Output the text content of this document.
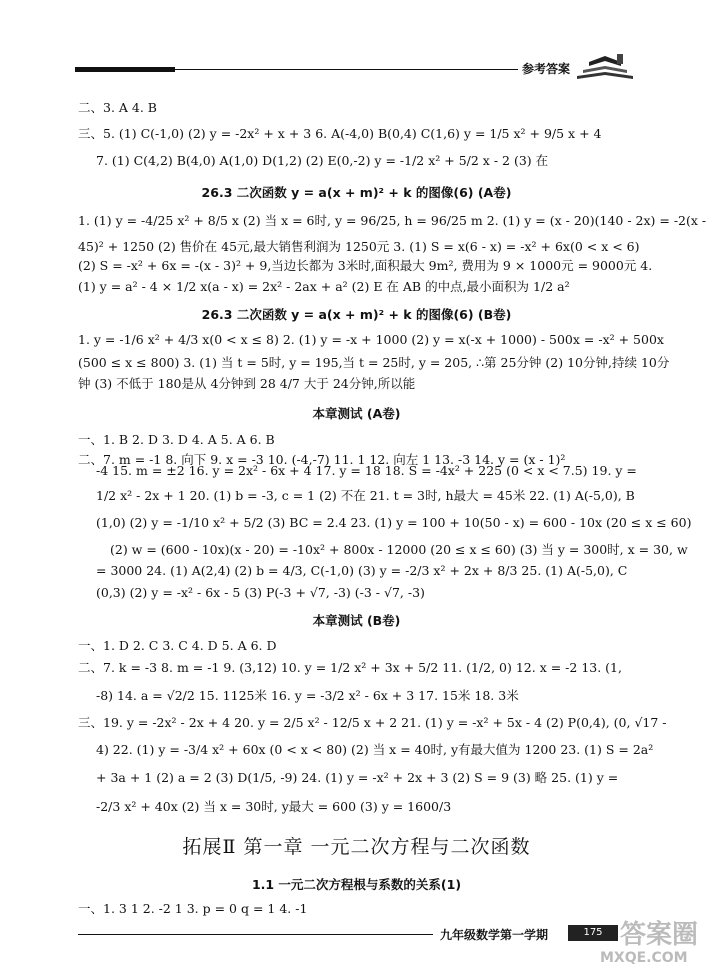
参考答案
二、3. A 4. B
三、5. (1) C(-1,0) (2) y = -2x² + x + 3 6. A(-4,0) B(0,4) C(1,6) y = 1/5 x² + 9/5 x + 4
7. (1) C(4,2) B(4,0) A(1,0) D(1,2) (2) E(0,-2) y = -1/2 x² + 5/2 x - 2 (3) 在
26.3 二次函数 y = a(x + m)² + k 的图像(6) (A卷)
1. (1) y = -4/25 x² + 8/5 x (2) 当 x = 6时, y = 96/25, h = 96/25 m 2. (1) y = (x - 20)(140 - 2x) = -2(x -
45)² + 1250 (2) 售价在 45元,最大销售利润为 1250元 3. (1) S = x(6 - x) = -x² + 6x(0 < x < 6)
(2) S = -x² + 6x = -(x - 3)² + 9,当边长都为 3米时,面积最大 9m², 费用为 9 × 1000元 = 9000元 4.
(1) y = a² - 4 × 1/2 x(a - x) = 2x² - 2ax + a² (2) E 在 AB 的中点,最小面积为 1/2 a²
26.3 二次函数 y = a(x + m)² + k 的图像(6) (B卷)
1. y = -1/6 x² + 4/3 x(0 < x ≤ 8) 2. (1) y = -x + 1000 (2) y = x(-x + 1000) - 500x = -x² + 500x
(500 ≤ x ≤ 800) 3. (1) 当 t = 5时, y = 195,当 t = 25时, y = 205, ∴第 25分钟 (2) 10分钟,持续 10分
钟 (3) 不低于 180是从 4分钟到 28 4/7 大于 24分钟,所以能
本章测试 (A卷)
一、1. B 2. D 3. D 4. A 5. A 6. B
二、7. m = -1 8. 向下 9. x = -3 10. (-4,-7) 11. 1 12. 向左 1 13. -3 14. y = (x - 1)²
-4 15. m = ±2 16. y = 2x² - 6x + 4 17. y = 18 18. S = -4x² + 225 (0 < x < 7.5) 19. y =
1/2 x² - 2x + 1 20. (1) b = -3, c = 1 (2) 不在 21. t = 3时, h最大 = 45米 22. (1) A(-5,0), B
(1,0) (2) y = -1/10 x² + 5/2 (3) BC = 2.4 23. (1) y = 100 + 10(50 - x) = 600 - 10x (20 ≤ x ≤ 60)
(2) w = (600 - 10x)(x - 20) = -10x² + 800x - 12000 (20 ≤ x ≤ 60) (3) 当 y = 300时, x = 30, w
= 3000 24. (1) A(2,4) (2) b = 4/3, C(-1,0) (3) y = -2/3 x² + 2x + 8/3 25. (1) A(-5,0), C
(0,3) (2) y = -x² - 6x - 5 (3) P(-3 + √7, -3) (-3 - √7, -3)
本章测试 (B卷)
一、1. D 2. C 3. C 4. D 5. A 6. D
二、7. k = -3 8. m = -1 9. (3,12) 10. y = 1/2 x² + 3x + 5/2 11. (1/2, 0) 12. x = -2 13. (1,
-8) 14. a = √2/2 15. 1125米 16. y = -3/2 x² - 6x + 3 17. 15米 18. 3米
三、19. y = -2x² - 2x + 4 20. y = 2/5 x² - 12/5 x + 2 21. (1) y = -x² + 5x - 4 (2) P(0,4), (0, √17 -
4) 22. (1) y = -3/4 x² + 60x (0 < x < 80) (2) 当 x = 40时, y有最大值为 1200 23. (1) S = 2a²
+ 3a + 1 (2) a = 2 (3) D(1/5, -9) 24. (1) y = -x² + 2x + 3 (2) S = 9 (3) 略 25. (1) y =
-2/3 x² + 40x (2) 当 x = 30时, y最大 = 600 (3) y = 1600/3
拓展Ⅱ 第一章 一元二次方程与二次函数
1.1 一元二次方程根与系数的关系(1)
一、1. 3 1 2. -2 1 3. p = 0 q = 1 4. -1
九年级数学第一学期	175 答案圈
MXQE.COM
